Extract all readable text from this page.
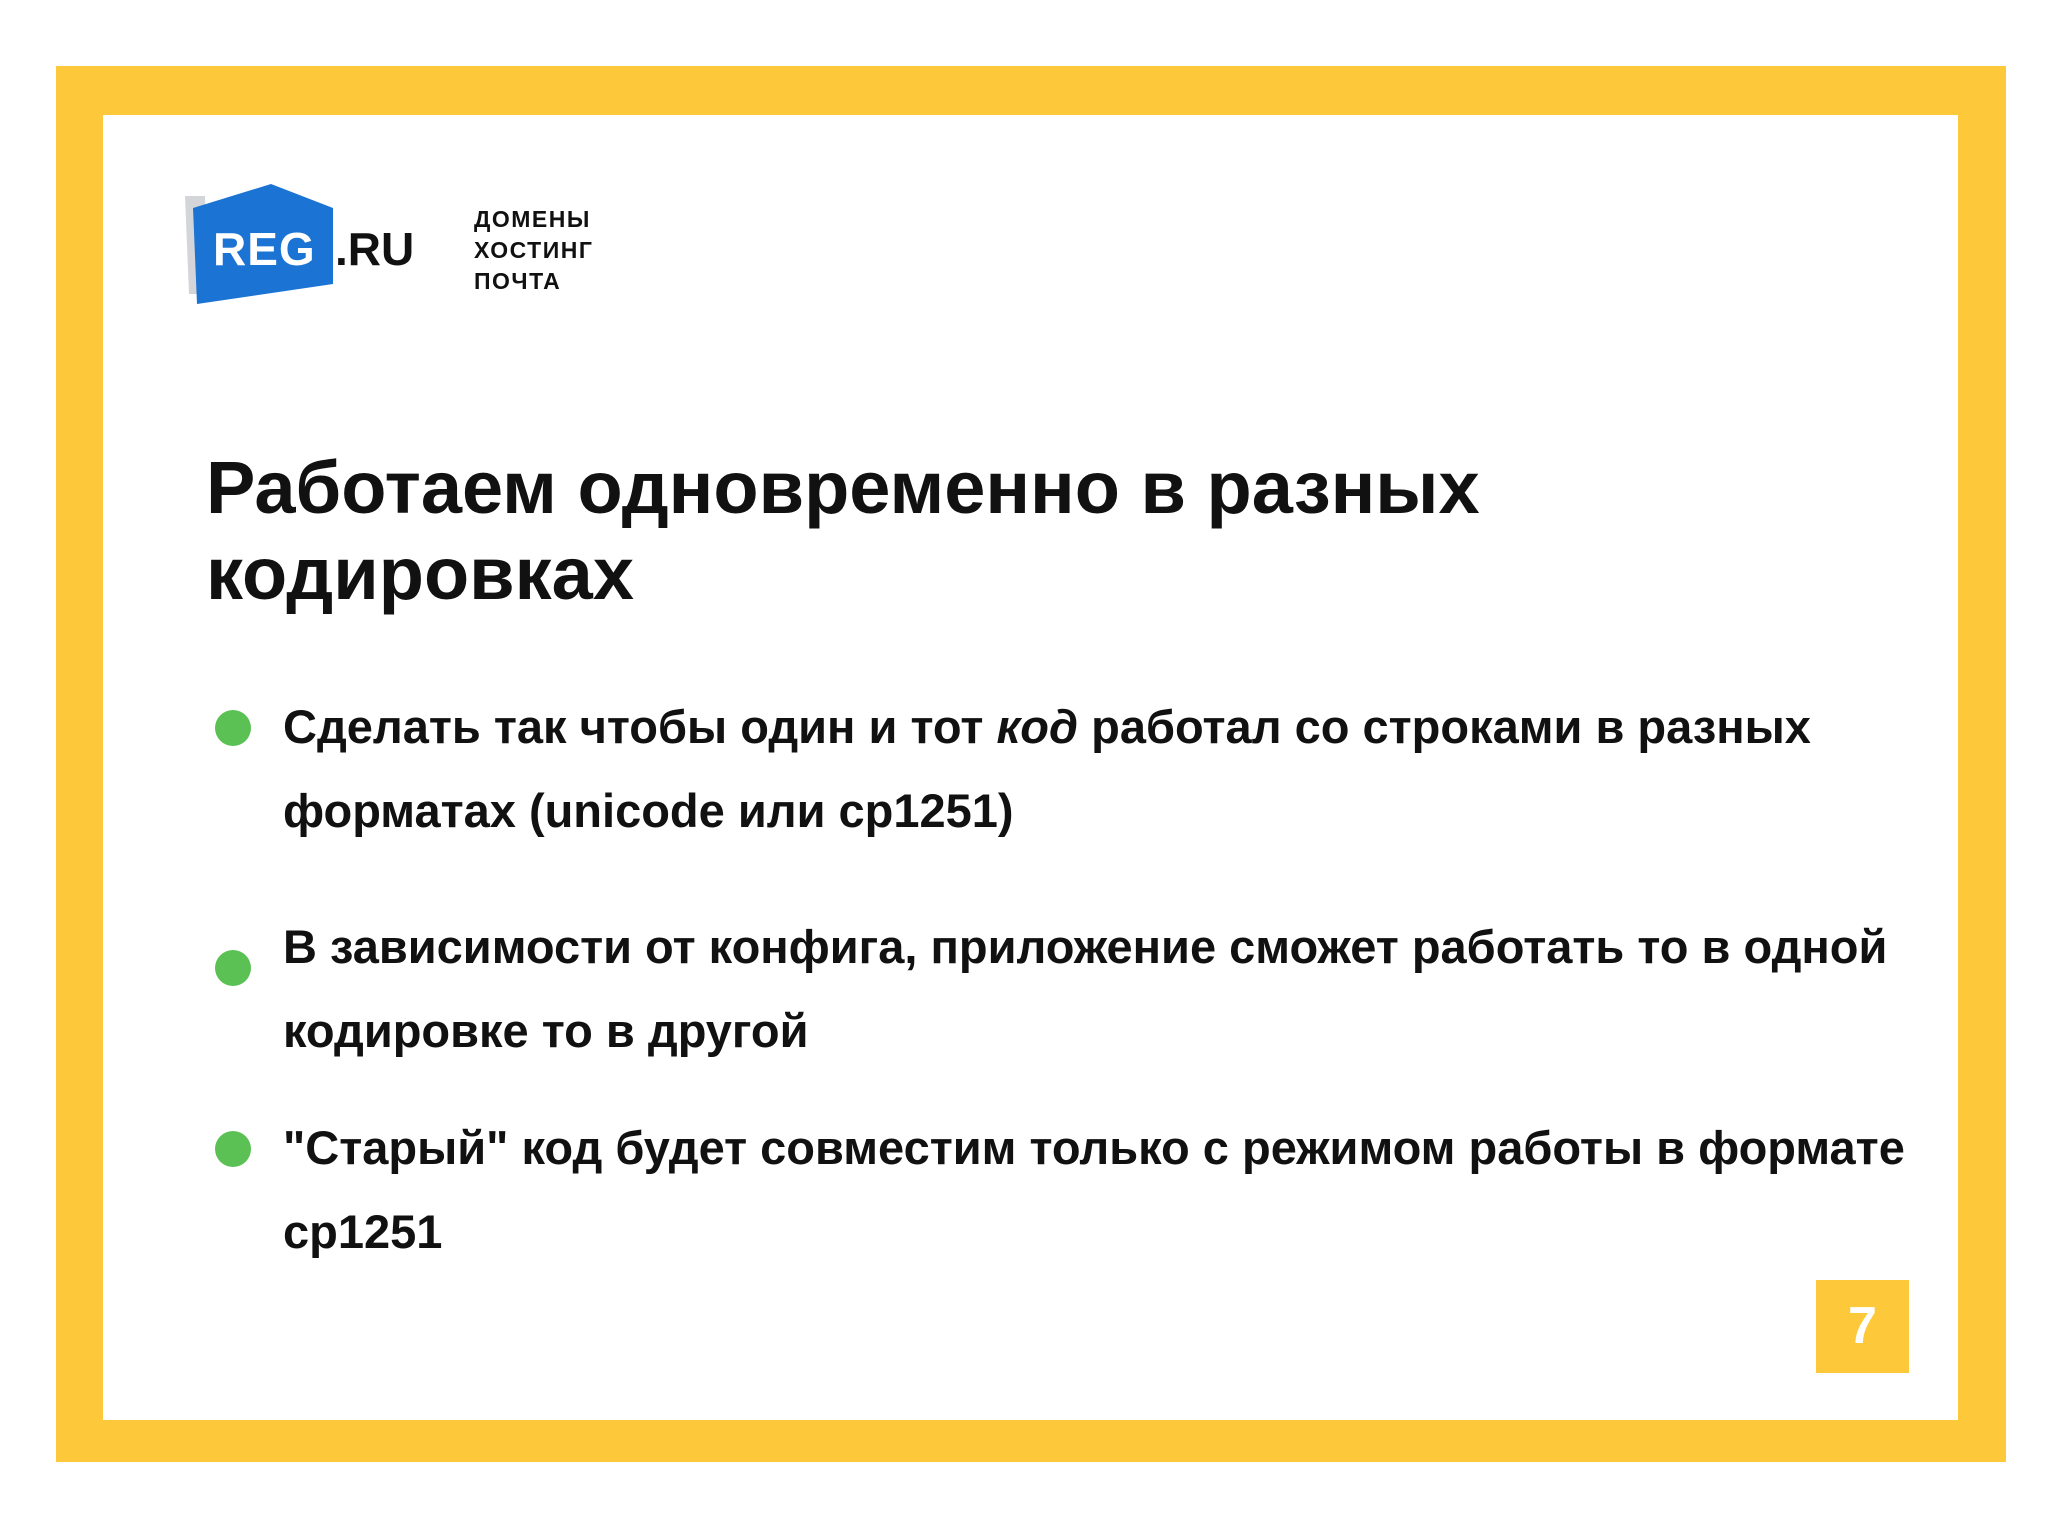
REG .RU
ДОМЕНЫ
ХОСТИНГ
ПОЧТА
Работаем одновременно в разных кодировках
Сделать так чтобы один и тот код работал со строками в разных форматах (unicode или cp1251)
В зависимости от конфига, приложение сможет работать то в одной кодировке то в другой
"Старый" код будет совместим только с режимом работы в формате cp1251
7
